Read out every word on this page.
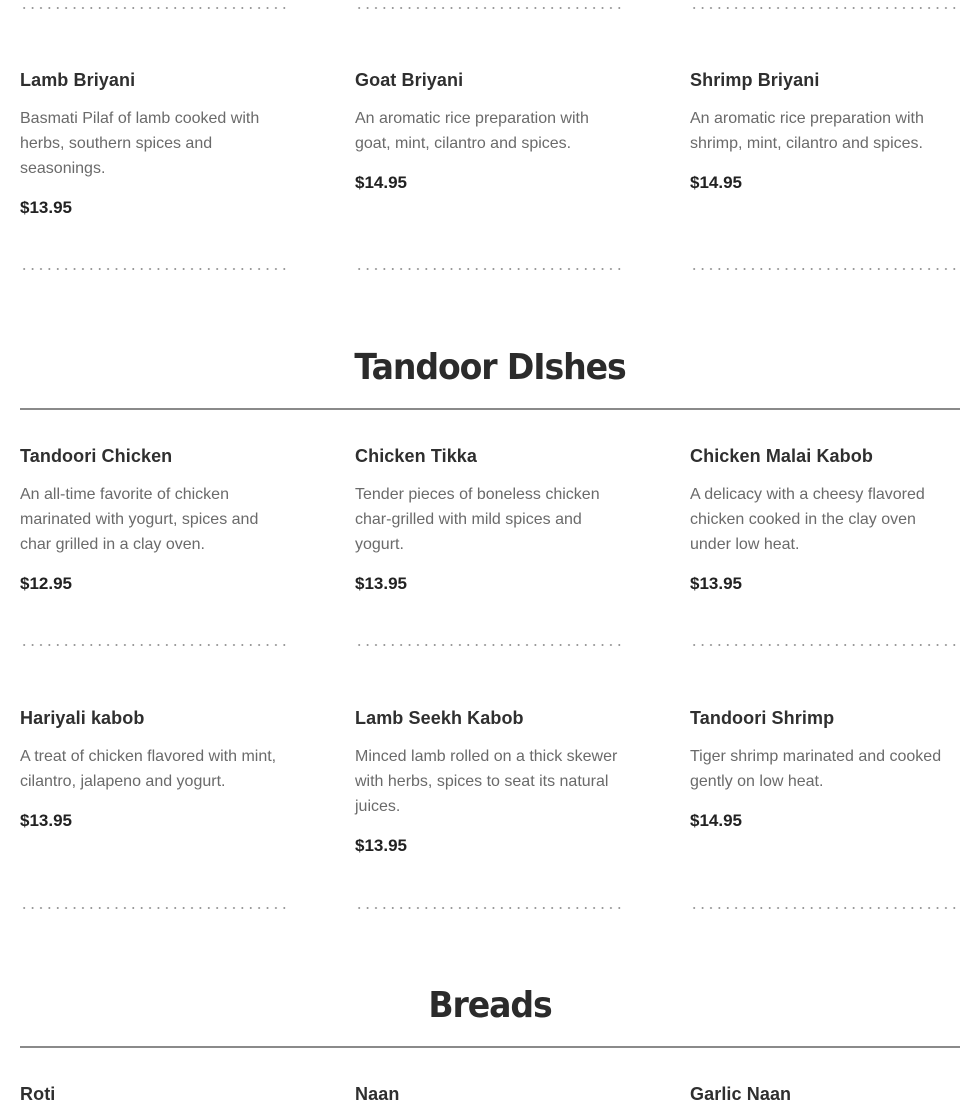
Lamb Briyani

Basmati Pilaf of lamb cooked with herbs, southern spices and seasonings.

$13.95

Goat Briyani

An aromatic rice preparation with goat, mint, cilantro and spices.

$14.95

Shrimp Briyani

An aromatic rice preparation with shrimp, mint, cilantro and spices.

$14.95

Tandoor DIshes
Tandoori Chicken

An all-time favorite of chicken marinated with yogurt, spices and char grilled in a clay oven.

$12.95

Chicken Tikka

Tender pieces of boneless chicken char-grilled with mild spices and yogurt.

$13.95

Chicken Malai Kabob

A delicacy with a cheesy flavored chicken cooked in the clay oven under low heat.

$13.95

Hariyali kabob

A treat of chicken flavored with mint, cilantro, jalapeno and yogurt.

$13.95

Lamb Seekh Kabob

Minced lamb rolled on a thick skewer with herbs, spices to seat its natural juices.

$13.95

Tandoori Shrimp

Tiger shrimp marinated and cooked gently on low heat.

$14.95

Breads
Roti	Naan	Garlic Naan
